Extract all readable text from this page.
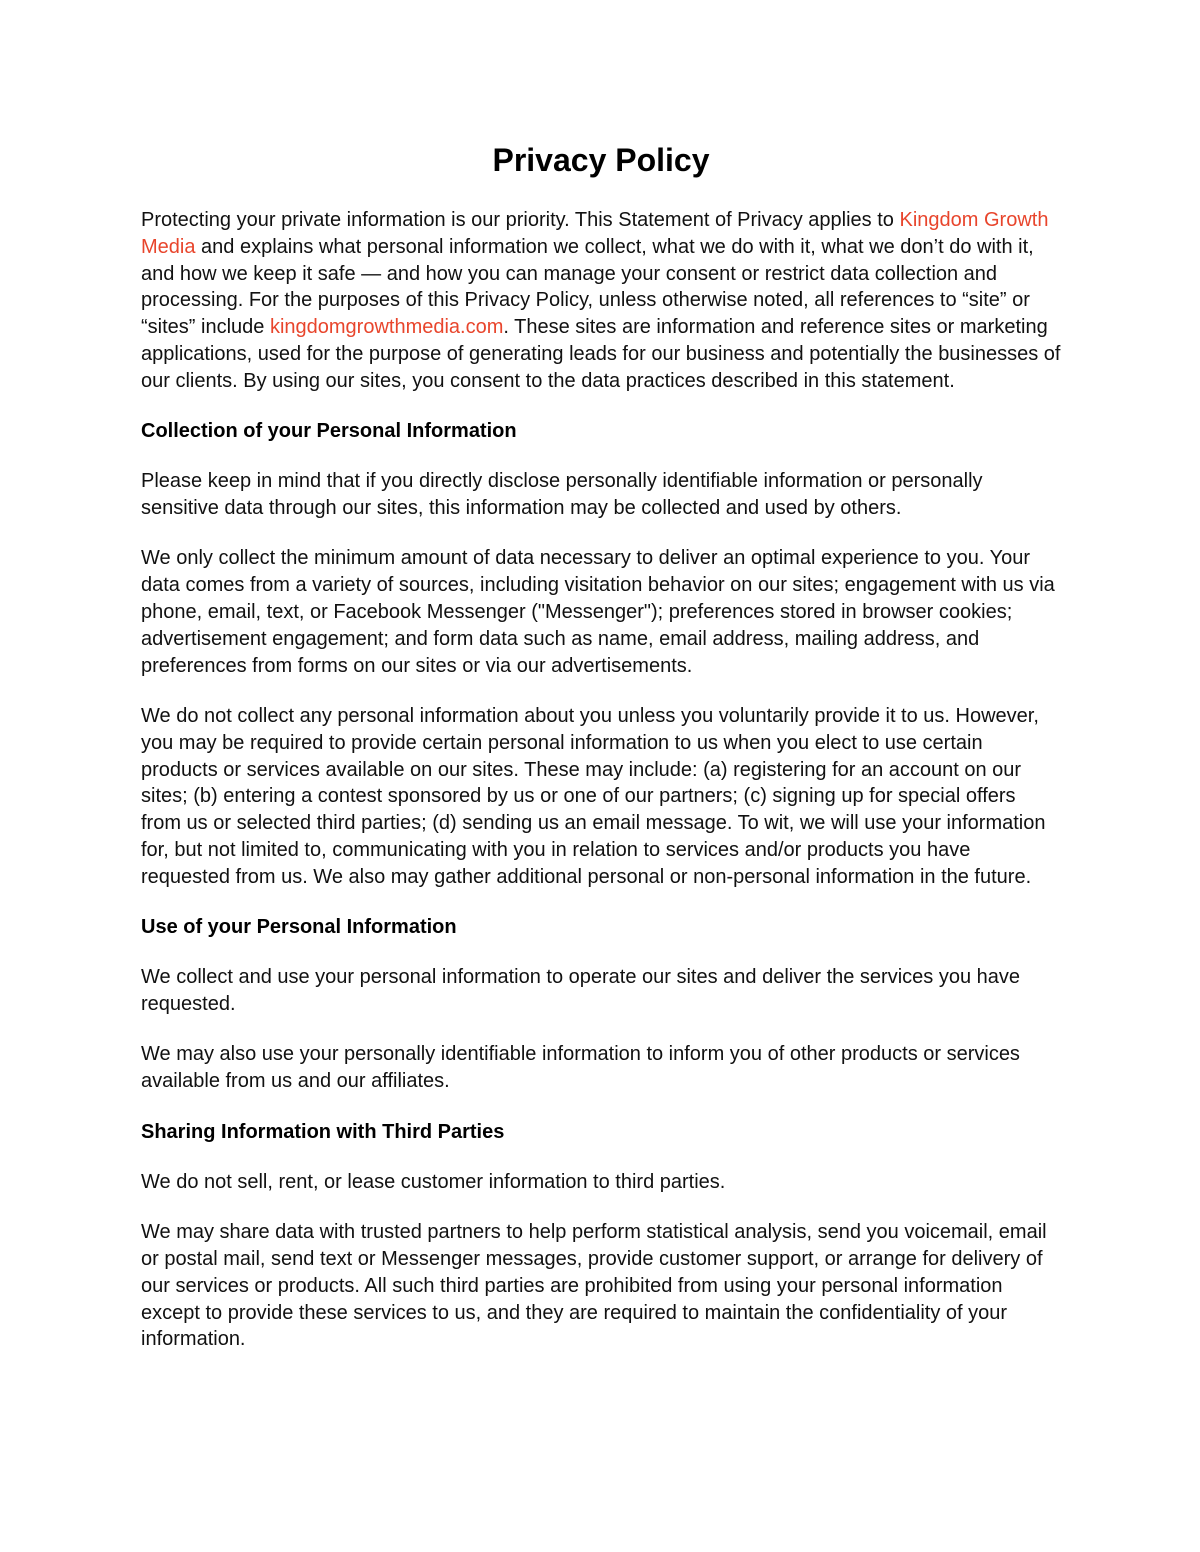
Privacy Policy

Protecting your private information is our priority. This Statement of Privacy applies to Kingdom Growth Media and explains what personal information we collect, what we do with it, what we don’t do with it, and how we keep it safe — and how you can manage your consent or restrict data collection and processing. For the purposes of this Privacy Policy, unless otherwise noted, all references to “site” or “sites” include kingdomgrowthmedia.com. These sites are information and reference sites or marketing applications, used for the purpose of generating leads for our business and potentially the businesses of our clients. By using our sites, you consent to the data practices described in this statement.

Collection of your Personal Information

Please keep in mind that if you directly disclose personally identifiable information or personally sensitive data through our sites, this information may be collected and used by others.

We only collect the minimum amount of data necessary to deliver an optimal experience to you. Your data comes from a variety of sources, including visitation behavior on our sites; engagement with us via phone, email, text, or Facebook Messenger ("Messenger"); preferences stored in browser cookies; advertisement engagement; and form data such as name, email address, mailing address, and preferences from forms on our sites or via our advertisements.

We do not collect any personal information about you unless you voluntarily provide it to us. However, you may be required to provide certain personal information to us when you elect to use certain products or services available on our sites. These may include: (a) registering for an account on our sites; (b) entering a contest sponsored by us or one of our partners; (c) signing up for special offers from us or selected third parties; (d) sending us an email message. To wit, we will use your information for, but not limited to, communicating with you in relation to services and/or products you have requested from us. We also may gather additional personal or non-personal information in the future.

Use of your Personal Information

We collect and use your personal information to operate our sites and deliver the services you have requested.

We may also use your personally identifiable information to inform you of other products or services available from us and our affiliates.

Sharing Information with Third Parties

We do not sell, rent, or lease customer information to third parties.

We may share data with trusted partners to help perform statistical analysis, send you voicemail, email or postal mail, send text or Messenger messages, provide customer support, or arrange for delivery of our services or products. All such third parties are prohibited from using your personal information except to provide these services to us, and they are required to maintain the confidentiality of your information.
